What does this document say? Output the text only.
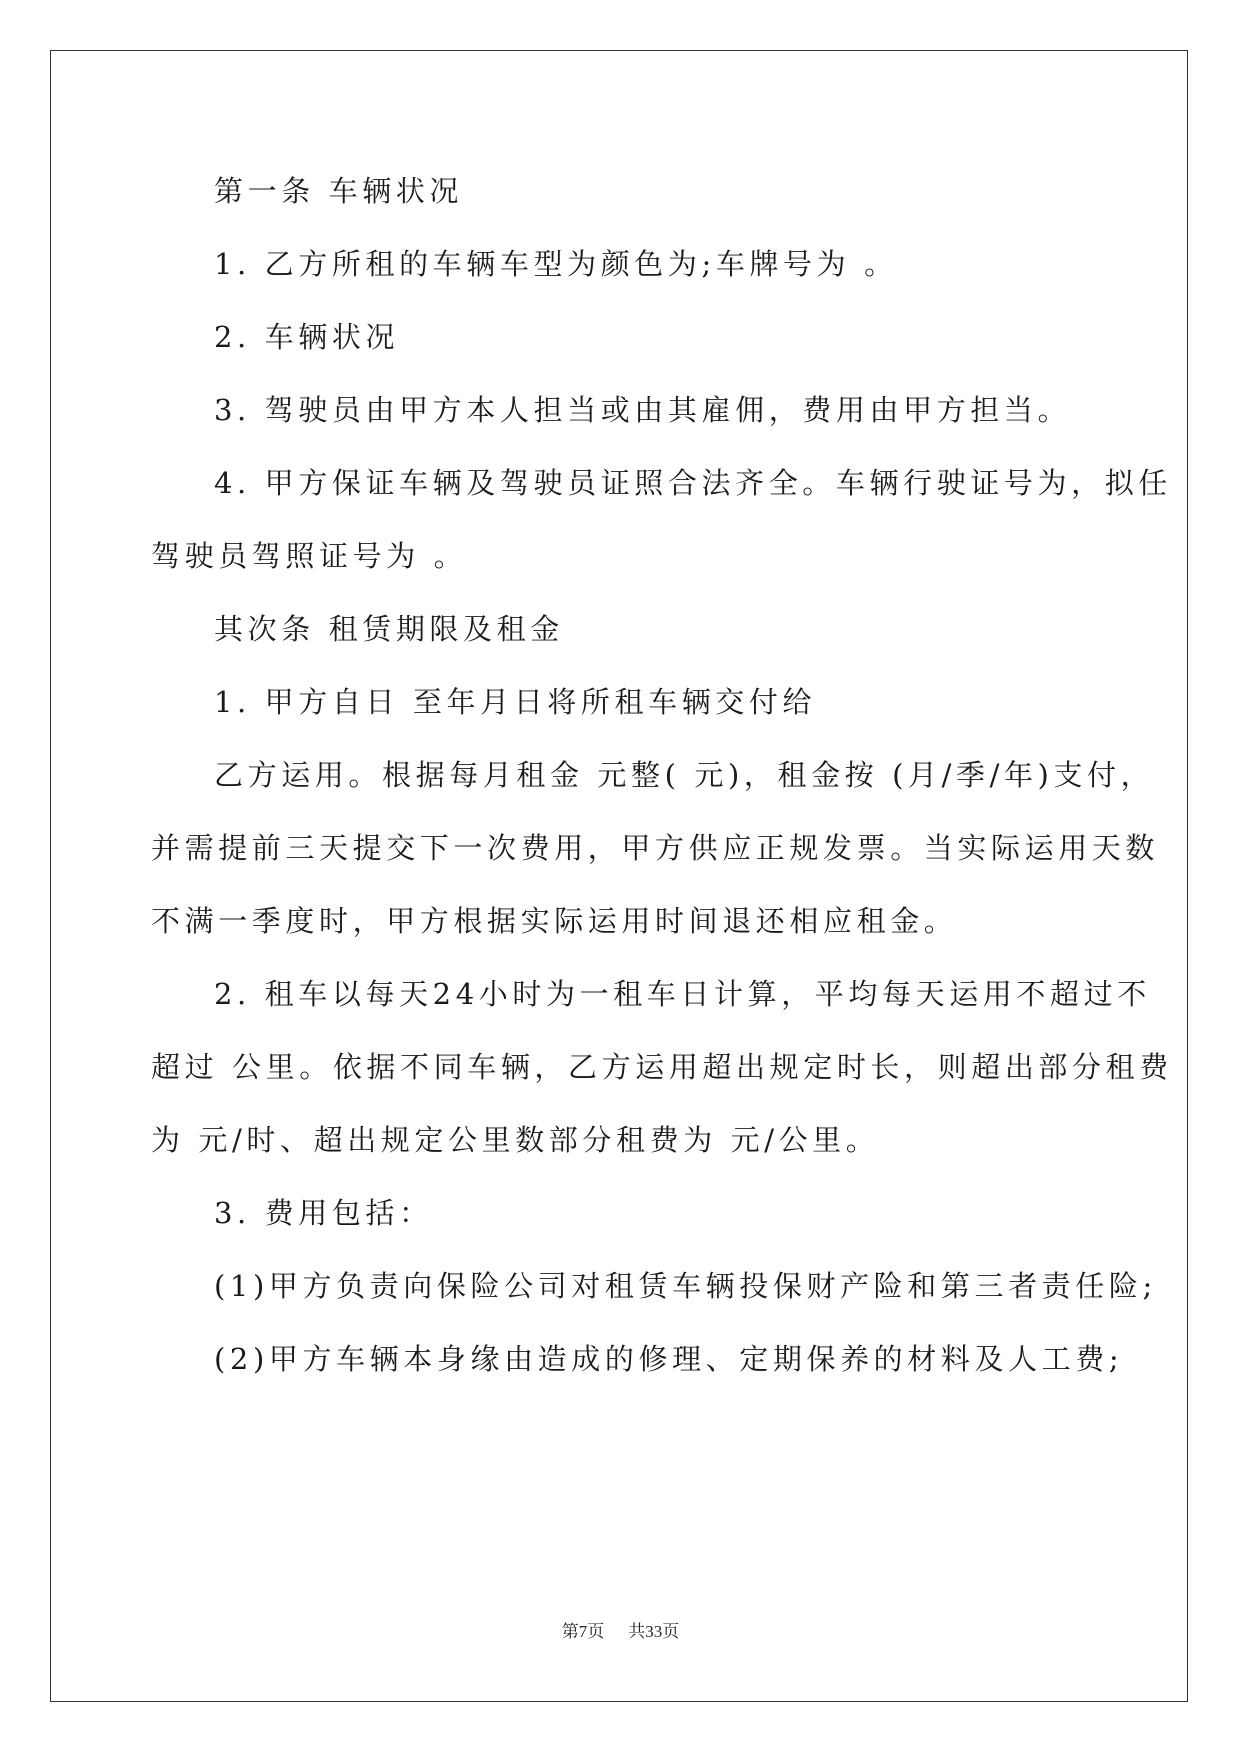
第一条 车辆状况
1. 乙方所租的车辆车型为颜色为;车牌号为 。
2. 车辆状况
3. 驾驶员由甲方本人担当或由其雇佣，费用由甲方担当。
4. 甲方保证车辆及驾驶员证照合法齐全。车辆行驶证号为，拟任
驾驶员驾照证号为 。
其次条 租赁期限及租金
1. 甲方自日 至年月日将所租车辆交付给
乙方运用。根据每月租金 元整( 元)，租金按 (月/季/年)支付，
并需提前三天提交下一次费用，甲方供应正规发票。当实际运用天数
不满一季度时，甲方根据实际运用时间退还相应租金。
2. 租车以每天24小时为一租车日计算，平均每天运用不超过不
超过 公里。依据不同车辆，乙方运用超出规定时长，则超出部分租费
为 元/时、超出规定公里数部分租费为 元/公里。
3. 费用包括：
(1)甲方负责向保险公司对租赁车辆投保财产险和第三者责任险;
(2)甲方车辆本身缘由造成的修理、定期保养的材料及人工费;
第7页 共33页
